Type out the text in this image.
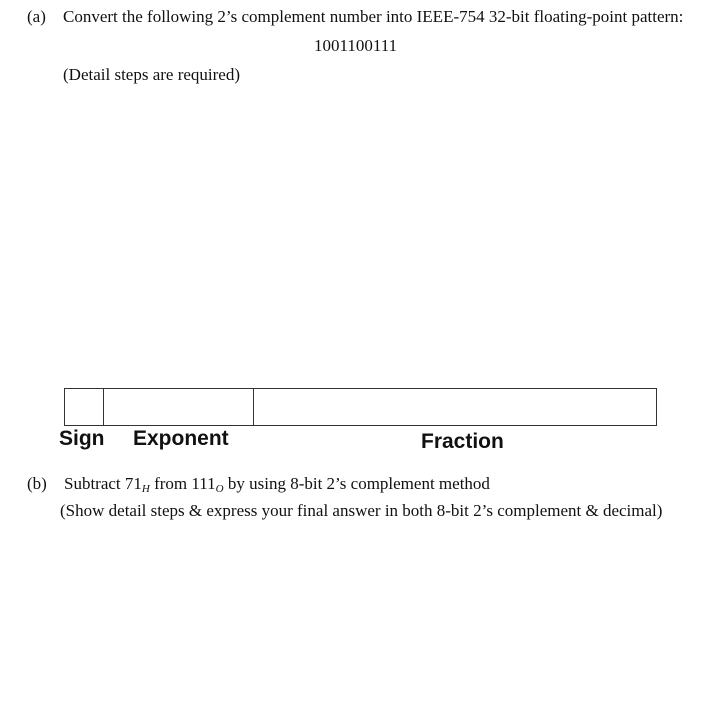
(a) Convert the following 2’s complement number into IEEE-754 32-bit floating-point pattern:
1001100111
(Detail steps are required)
Sign Exponent	Fraction
(b) Subtract $71_H$ from $111_O$ by using 8-bit 2’s complement method
(Show detail steps & express your final answer in both 8-bit 2’s complement & decimal)
